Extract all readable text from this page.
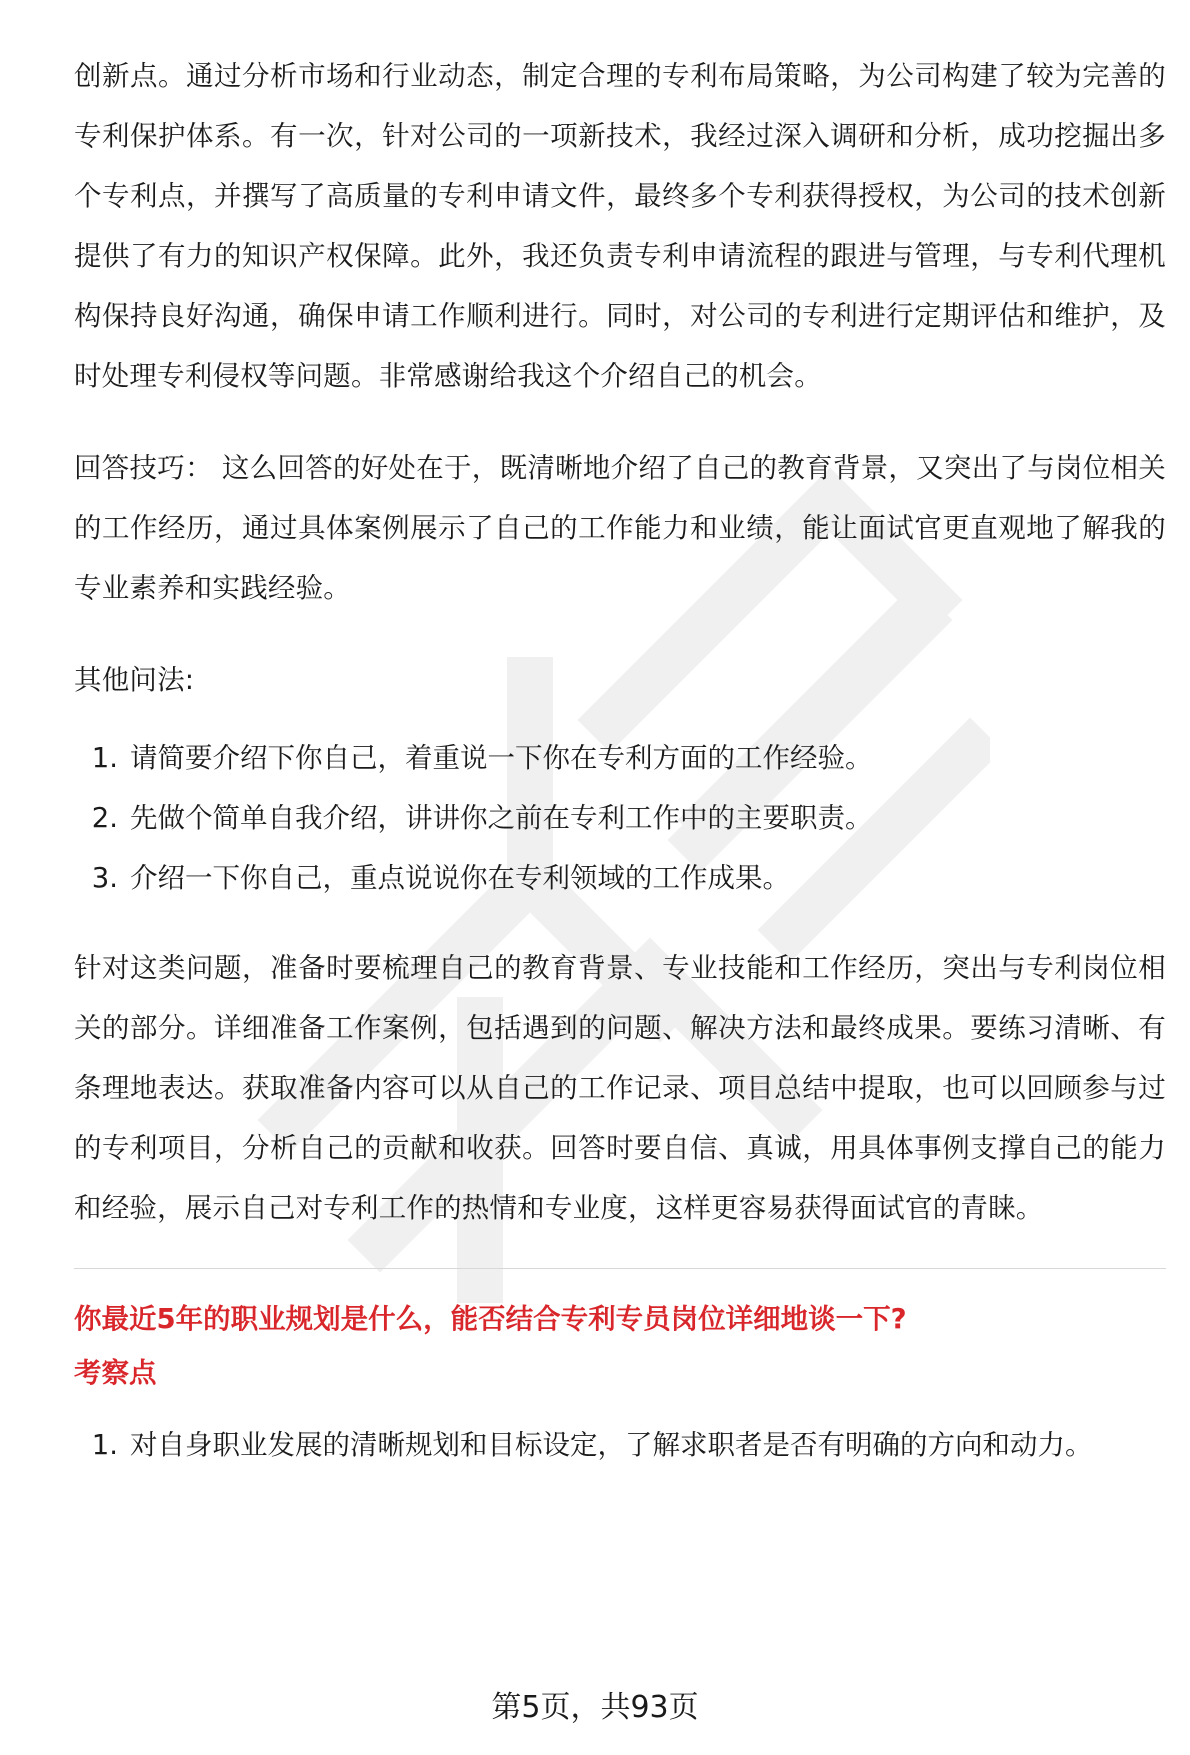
创新点。通过分析市场和行业动态，制定合理的专利布局策略，为公司构建了较为完善的专利保护体系。有一次，针对公司的一项新技术，我经过深入调研和分析，成功挖掘出多个专利点，并撰写了高质量的专利申请文件，最终多个专利获得授权，为公司的技术创新提供了有力的知识产权保障。此外，我还负责专利申请流程的跟进与管理，与专利代理机构保持良好沟通，确保申请工作顺利进行。同时，对公司的专利进行定期评估和维护，及时处理专利侵权等问题。非常感谢给我这个介绍自己的机会。

回答技巧： 这么回答的好处在于，既清晰地介绍了自己的教育背景，又突出了与岗位相关的工作经历，通过具体案例展示了自己的工作能力和业绩，能让面试官更直观地了解我的专业素养和实践经验。

其他问法:

1. 请简要介绍下你自己，着重说一下你在专利方面的工作经验。
2. 先做个简单自我介绍，讲讲你之前在专利工作中的主要职责。
3. 介绍一下你自己，重点说说你在专利领域的工作成果。

针对这类问题，准备时要梳理自己的教育背景、专业技能和工作经历，突出与专利岗位相关的部分。详细准备工作案例，包括遇到的问题、解决方法和最终成果。要练习清晰、有条理地表达。获取准备内容可以从自己的工作记录、项目总结中提取，也可以回顾参与过的专利项目，分析自己的贡献和收获。回答时要自信、真诚，用具体事例支撑自己的能力和经验，展示自己对专利工作的热情和专业度，这样更容易获得面试官的青睐。

你最近5年的职业规划是什么，能否结合专利专员岗位详细地谈一下?

考察点

1. 对自身职业发展的清晰规划和目标设定，了解求职者是否有明确的方向和动力。
第5页，共93页
